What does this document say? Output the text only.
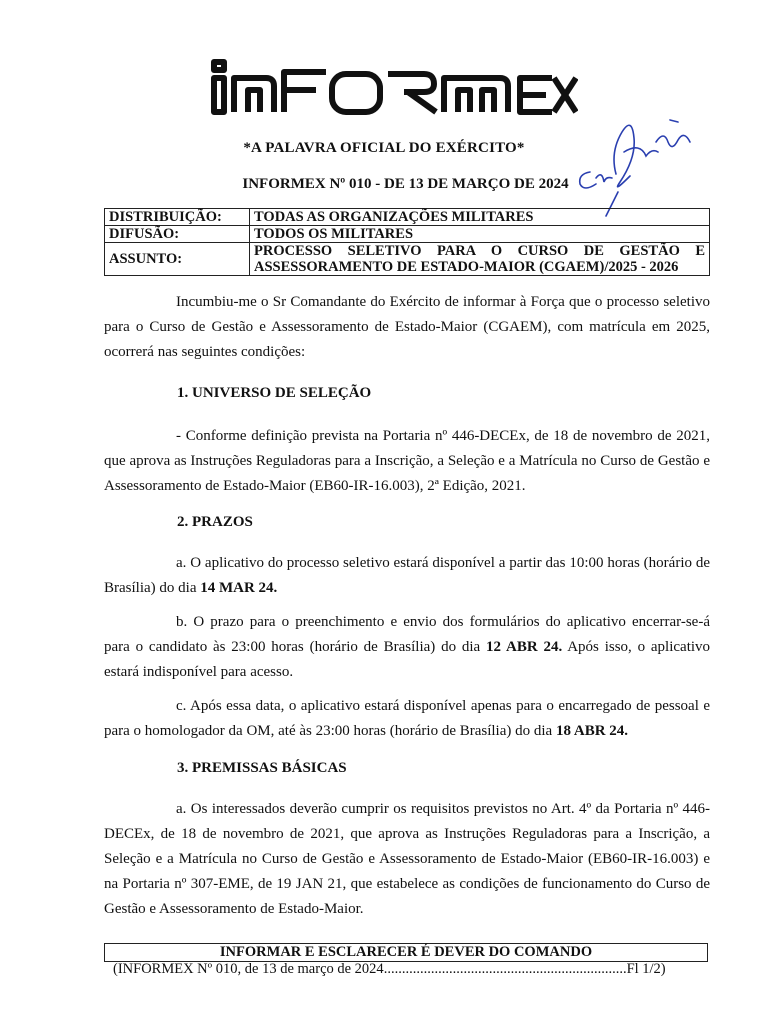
*A PALAVRA OFICIAL DO EXÉRCITO*
INFORMEX Nº 010 - DE 13 DE MARÇO DE 2024
DISTRIBUIÇÃO:	TODAS AS ORGANIZAÇÕES MILITARES
DIFUSÃO:	TODOS OS MILITARES
ASSUNTO:	PROCESSO SELETIVO PARA O CURSO DE GESTÃO E
ASSESSORAMENTO DE ESTADO-MAIOR (CGAEM)/2025 - 2026
Incumbiu-me o Sr Comandante do Exército de informar à Força que o processo seletivo para o Curso de Gestão e Assessoramento de Estado-Maior (CGAEM), com matrícula em 2025, ocorrerá nas seguintes condições:
1. UNIVERSO DE SELEÇÃO
- Conforme definição prevista na Portaria nº 446-DECEx, de 18 de novembro de 2021, que aprova as Instruções Reguladoras para a Inscrição, a Seleção e a Matrícula no Curso de Gestão e Assessoramento de Estado-Maior (EB60-IR-16.003), 2ª Edição, 2021.
2. PRAZOS
a. O aplicativo do processo seletivo estará disponível a partir das 10:00 horas (horário de Brasília) do dia 14 MAR 24.
b. O prazo para o preenchimento e envio dos formulários do aplicativo encerrar-se-á para o candidato às 23:00 horas (horário de Brasília) do dia 12 ABR 24. Após isso, o aplicativo estará indisponível para acesso.
c. Após essa data, o aplicativo estará disponível apenas para o encarregado de pessoal e para o homologador da OM, até às 23:00 horas (horário de Brasília) do dia 18 ABR 24.
3. PREMISSAS BÁSICAS
a. Os interessados deverão cumprir os requisitos previstos no Art. 4º da Portaria nº 446-DECEx, de 18 de novembro de 2021, que aprova as Instruções Reguladoras para a Inscrição, a Seleção e a Matrícula no Curso de Gestão e Assessoramento de Estado-Maior (EB60-IR-16.003) e na Portaria nº 307-EME, de 19 JAN 21, que estabelece as condições de funcionamento do Curso de Gestão e Assessoramento de Estado-Maior.
INFORMAR E ESCLARECER É DEVER DO COMANDO
(INFORMEX Nº 010, de 13 de março de 2024...................................................................Fl 1/2)
